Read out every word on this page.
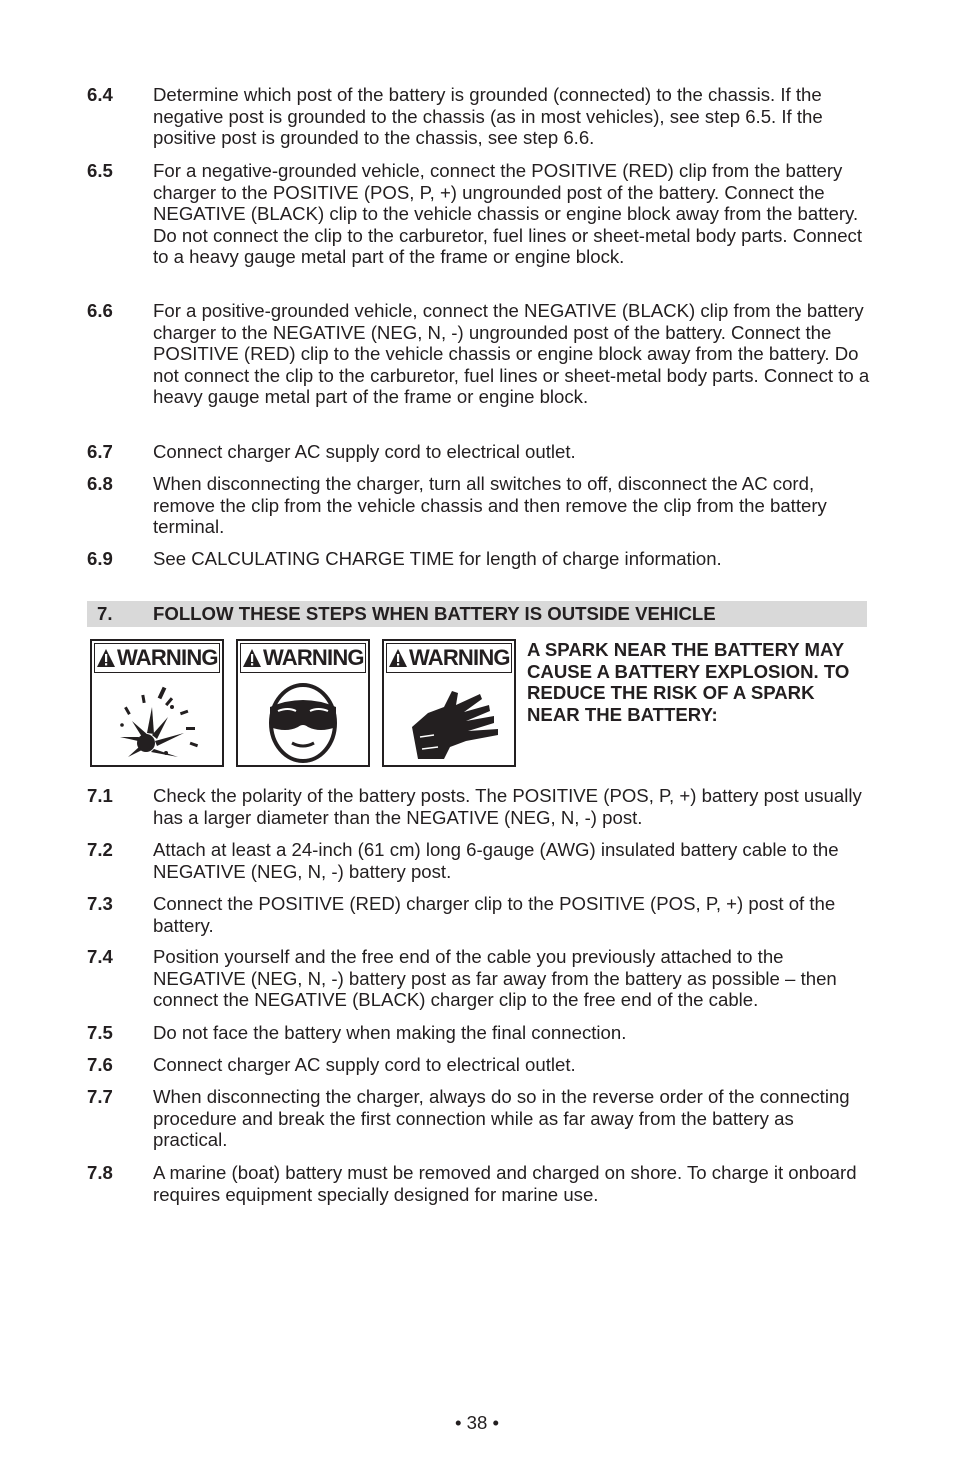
6.4 Determine which post of the battery is grounded (connected) to the chassis. If the negative post is grounded to the chassis (as in most vehicles), see step 6.5. If the positive post is grounded to the chassis, see step 6.6.
6.5 For a negative-grounded vehicle, connect the POSITIVE (RED) clip from the battery charger to the POSITIVE (POS, P, +) ungrounded post of the battery. Connect the NEGATIVE (BLACK) clip to the vehicle chassis or engine block away from the battery. Do not connect the clip to the carburetor, fuel lines or sheet-metal body parts. Connect to a heavy gauge metal part of the frame or engine block.
6.6 For a positive-grounded vehicle, connect the NEGATIVE (BLACK) clip from the battery charger to the NEGATIVE (NEG, N, -) ungrounded post of the battery. Connect the POSITIVE (RED) clip to the vehicle chassis or engine block away from the battery. Do not connect the clip to the carburetor, fuel lines or sheet-metal body parts. Connect to a heavy gauge metal part of the frame or engine block.
6.7 Connect charger AC supply cord to electrical outlet.
6.8 When disconnecting the charger, turn all switches to off, disconnect the AC cord, remove the clip from the vehicle chassis and then remove the clip from the battery terminal.
6.9 See CALCULATING CHARGE TIME for length of charge information.
7. FOLLOW THESE STEPS WHEN BATTERY IS OUTSIDE VEHICLE
WARNING	WARNING	WARNING A SPARK NEAR THE BATTERY MAY CAUSE A BATTERY EXPLOSION. TO REDUCE THE RISK OF A SPARK NEAR THE BATTERY:
7.1 Check the polarity of the battery posts. The POSITIVE (POS, P, +) battery post usually has a larger diameter than the NEGATIVE (NEG, N, -) post.
7.2 Attach at least a 24-inch (61 cm) long 6-gauge (AWG) insulated battery cable to the NEGATIVE (NEG, N, -) battery post.
7.3 Connect the POSITIVE (RED) charger clip to the POSITIVE (POS, P, +) post of the battery.
7.4 Position yourself and the free end of the cable you previously attached to the NEGATIVE (NEG, N, -) battery post as far away from the battery as possible – then connect the NEGATIVE (BLACK) charger clip to the free end of the cable.
7.5 Do not face the battery when making the final connection.
7.6 Connect charger AC supply cord to electrical outlet.
7.7 When disconnecting the charger, always do so in the reverse order of the connecting procedure and break the first connection while as far away from the battery as practical.
7.8 A marine (boat) battery must be removed and charged on shore. To charge it onboard requires equipment specially designed for marine use.
• 38 •
